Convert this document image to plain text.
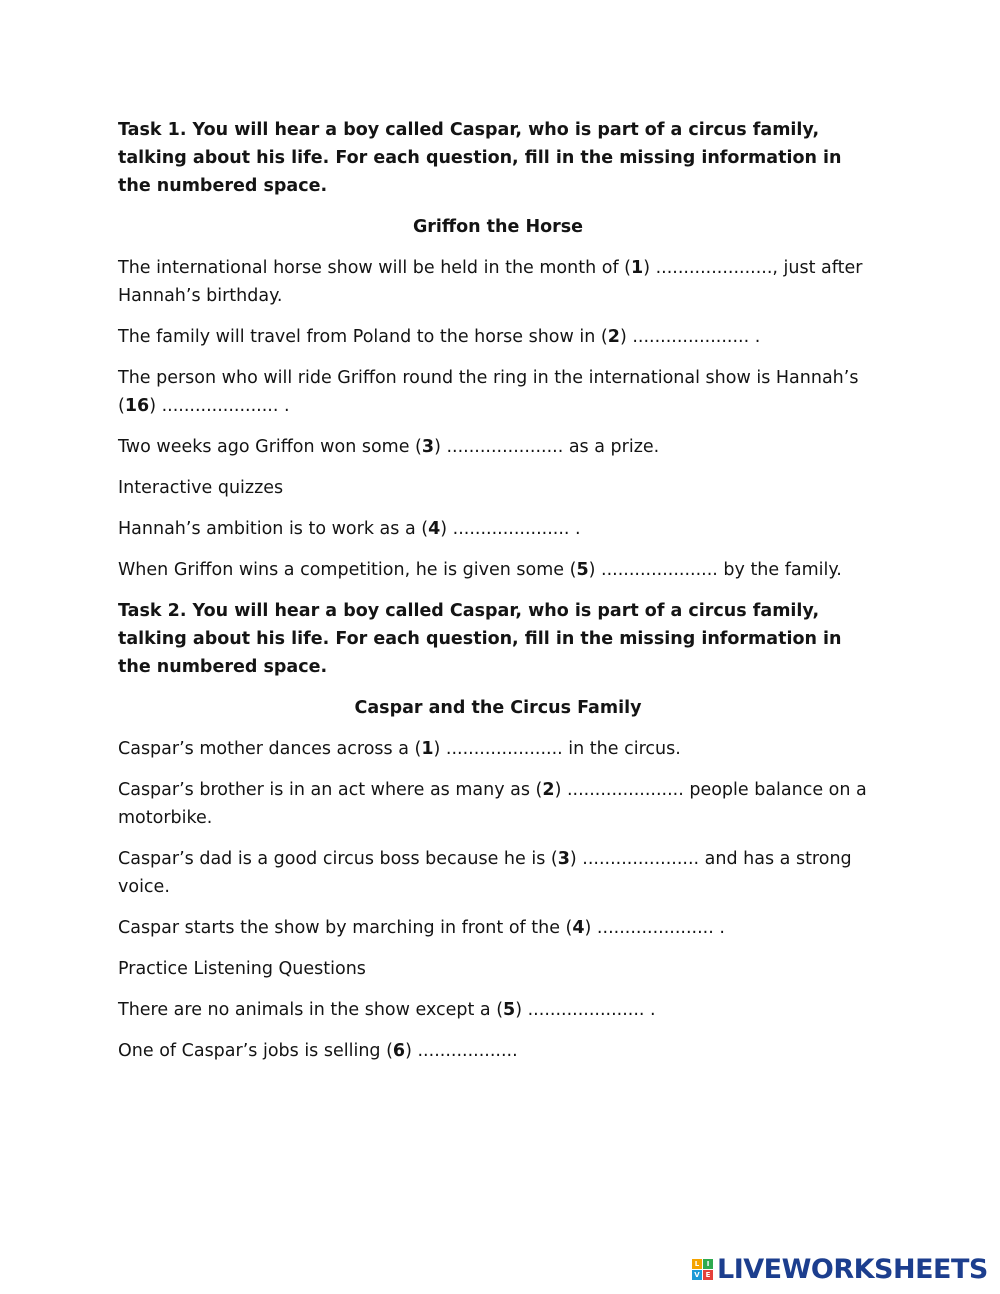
Task 1. You will hear a boy called Caspar, who is part of a circus family, talking about his life. For each question, fill in the missing information in the numbered space.

Griffon the Horse

The international horse show will be held in the month of (1) ....................., just after Hannah’s birthday.

The family will travel from Poland to the horse show in (2) ..................... .

The person who will ride Griffon round the ring in the international show is Hannah’s (16) ..................... .

Two weeks ago Griffon won some (3) ..................... as a prize.

Interactive quizzes

Hannah’s ambition is to work as a (4) ..................... .

When Griffon wins a competition, he is given some (5) ..................... by the family.

Task 2. You will hear a boy called Caspar, who is part of a circus family, talking about his life. For each question, fill in the missing information in the numbered space.

Caspar and the Circus Family

Caspar’s mother dances across a (1) ..................... in the circus.

Caspar’s brother is in an act where as many as (2) ..................... people balance on a motorbike.

Caspar’s dad is a good circus boss because he is (3) ..................... and has a strong voice.

Caspar starts the show by marching in front of the (4) ..................... .

Practice Listening Questions

There are no animals in the show except a (5) ..................... .

One of Caspar’s jobs is selling (6) ..................

L	I
V E LIVEWORKSHEETS
